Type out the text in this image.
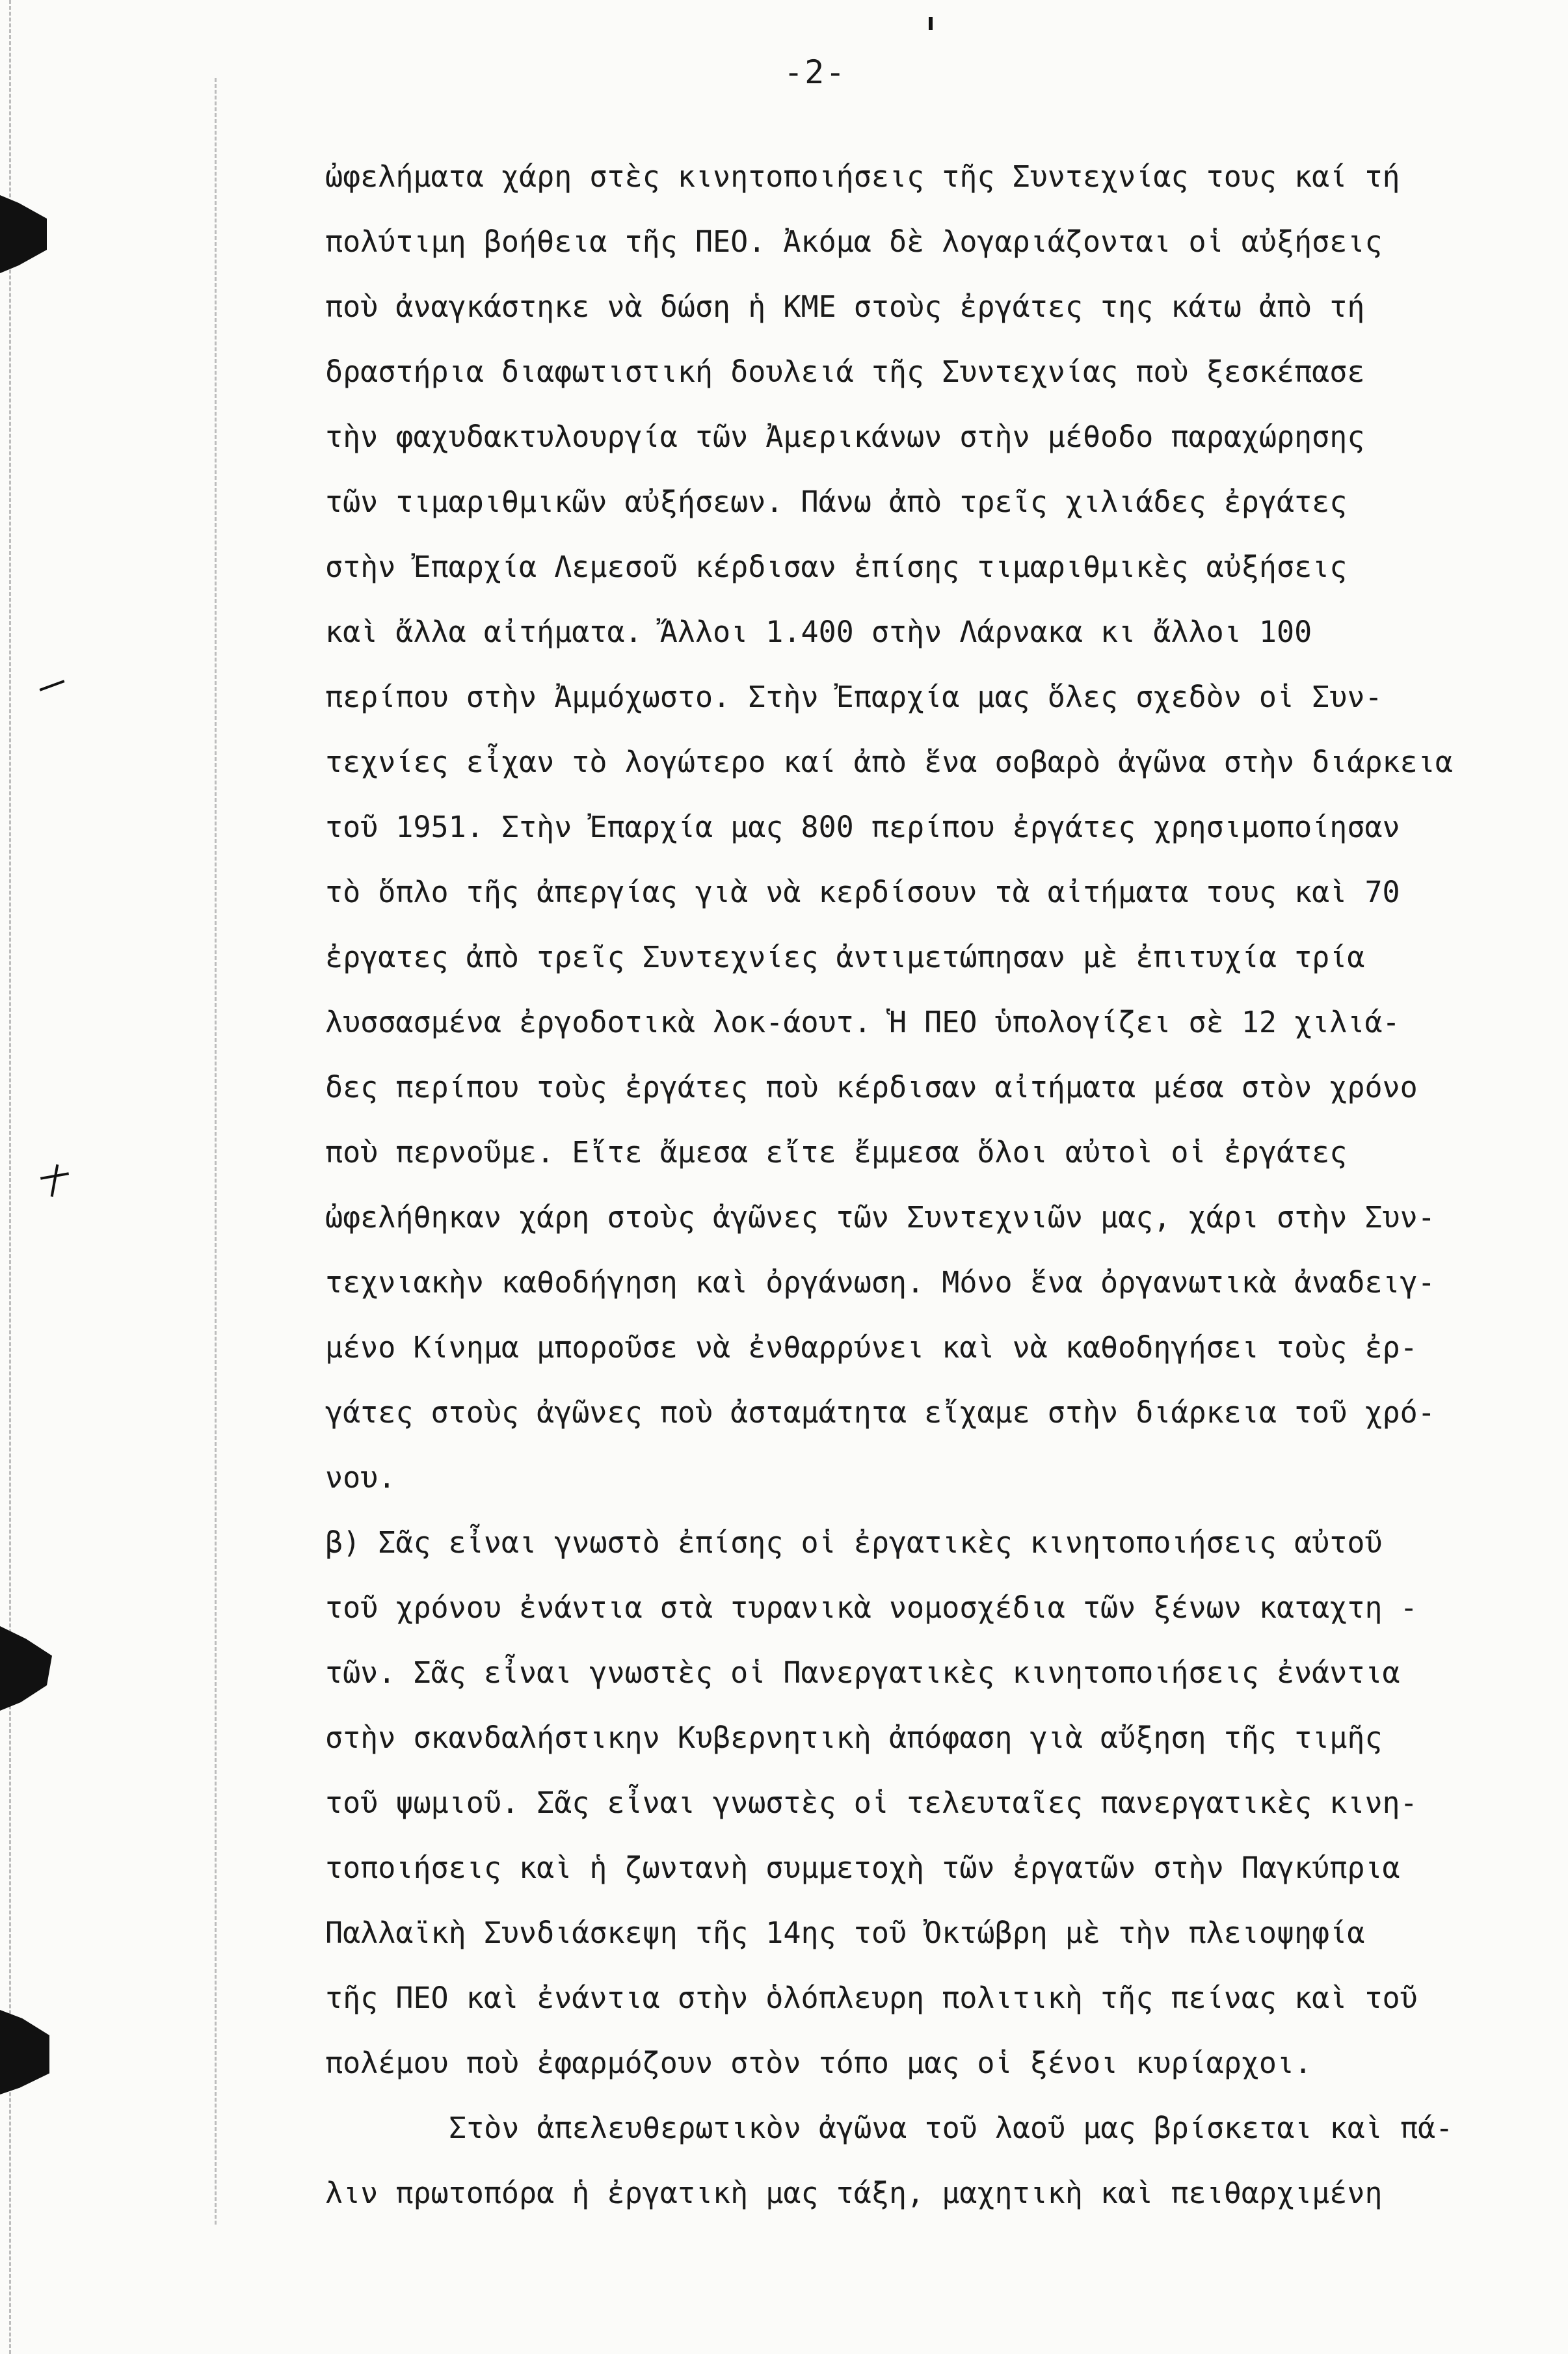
-2-
ὠφελήματα χάρη στὲς κινητοποιήσεις τῆς Συντεχνίας τους καί τή
πολύτιμη βοήθεια τῆς ΠΕΟ. Ἀκόμα δὲ λογαριάζονται οἱ αὐξήσεις
ποὺ ἀναγκάστηκε νὰ δώση ἡ ΚΜΕ στοὺς ἐργάτες της κάτω ἀπὸ τή
δραστήρια διαφωτιστική δουλειά τῆς Συντεχνίας ποὺ ξεσκέπασε
τὴν φαχυδακτυλουργία τῶν Ἀμερικάνων στὴν μέθοδο παραχώρησης
τῶν τιμαριθμικῶν αὐξήσεων. Πάνω ἀπὸ τρεῖς χιλιάδες ἐργάτες
στὴν Ἐπαρχία Λεμεσοῦ κέρδισαν ἐπίσης τιμαριθμικὲς αὐξήσεις
καὶ ἄλλα αἰτήματα. Ἄλλοι 1.400 στὴν Λάρνακα κι ἄλλοι 100
περίπου στὴν Ἀμμόχωστο. Στὴν Ἐπαρχία μας ὅλες σχεδὸν οἱ Συν-
τεχνίες εἶχαν τὸ λογώτερο καί ἀπὸ ἕνα σοβαρὸ ἀγῶνα στὴν διάρκεια
τοῦ 1951. Στὴν Ἐπαρχία μας 800 περίπου ἐργάτες χρησιμοποίησαν
τὸ ὅπλο τῆς ἀπεργίας γιὰ νὰ κερδίσουν τὰ αἰτήματα τους καὶ 70
ἐργατες ἀπὸ τρεῖς Συντεχνίες ἀντιμετώπησαν μὲ ἐπιτυχία τρία
λυσσασμένα ἐργοδοτικὰ λοκ-άουτ. Ἡ ΠΕΟ ὑπολογίζει σὲ 12 χιλιά-
δες περίπου τοὺς ἐργάτες ποὺ κέρδισαν αἰτήματα μέσα στὸν χρόνο
ποὺ περνοῦμε. Εἴτε ἄμεσα εἴτε ἔμμεσα ὅλοι αὐτοὶ οἱ ἐργάτες
ὠφελήθηκαν χάρη στοὺς ἀγῶνες τῶν Συντεχνιῶν μας, χάρι στὴν Συν-
τεχνιακὴν καθοδήγηση καὶ ὀργάνωση. Μόνο ἕνα ὀργανωτικὰ ἀναδειγ-
μένο Κίνημα μποροῦσε νὰ ἐνθαρρύνει καὶ νὰ καθοδηγήσει τοὺς ἐρ-
γάτες στοὺς ἀγῶνες ποὺ ἀσταμάτητα εἴχαμε στὴν διάρκεια τοῦ χρό-
νου.
β) Σᾶς εἶναι γνωστὸ ἐπίσης οἱ ἐργατικὲς κινητοποιήσεις αὐτοῦ
τοῦ χρόνου ἐνάντια στὰ τυρανικὰ νομοσχέδια τῶν ξένων καταχτη -
τῶν. Σᾶς εἶναι γνωστὲς οἱ Πανεργατικὲς κινητοποιήσεις ἐνάντια
στὴν σκανδαλήστικην Κυβερνητικὴ ἀπόφαση γιὰ αὔξηση τῆς τιμῆς
τοῦ ψωμιοῦ. Σᾶς εἶναι γνωστὲς οἱ τελευταῖες πανεργατικὲς κινη-
τοποιήσεις καὶ ἡ ζωντανὴ συμμετοχὴ τῶν ἐργατῶν στὴν Παγκύπρια
Παλλαϊκὴ Συνδιάσκεψη τῆς 14ης τοῦ Ὀκτώβρη μὲ τὴν πλειοψηφία
τῆς ΠΕΟ καὶ ἐνάντια στὴν ὁλόπλευρη πολιτικὴ τῆς πείνας καὶ τοῦ
πολέμου ποὺ ἐφαρμόζουν στὸν τόπο μας οἱ ξένοι κυρίαρχοι.
Στὸν ἀπελευθερωτικὸν ἀγῶνα τοῦ λαοῦ μας βρίσκεται καὶ πά-
λιν πρωτοπόρα ἡ ἐργατικὴ μας τάξη, μαχητικὴ καὶ πειθαρχιμένη
